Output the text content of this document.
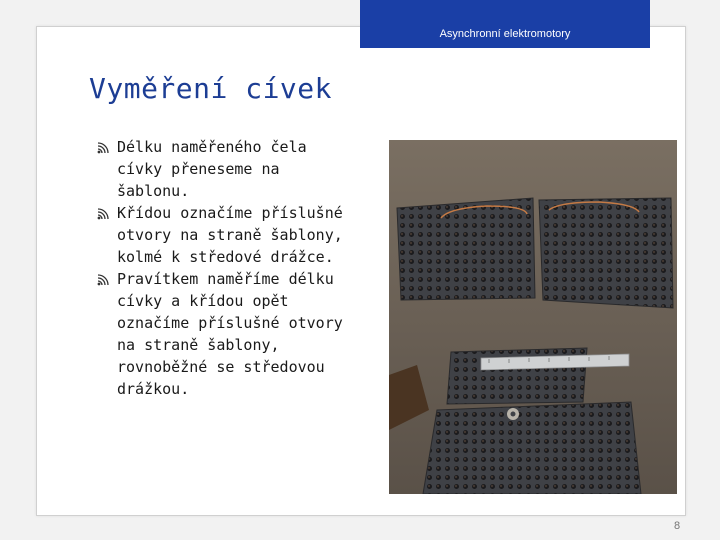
Asynchronní elektromotory
Vyměření cívek
Délku naměřeného čela cívky přeneseme na šablonu.
Křídou označíme příslušné otvory na straně šablony, kolmé k středové drážce.
Pravítkem naměříme délku cívky a křídou opět označíme příslušné otvory na straně šablony, rovnoběžné se středovou drážkou.
8
